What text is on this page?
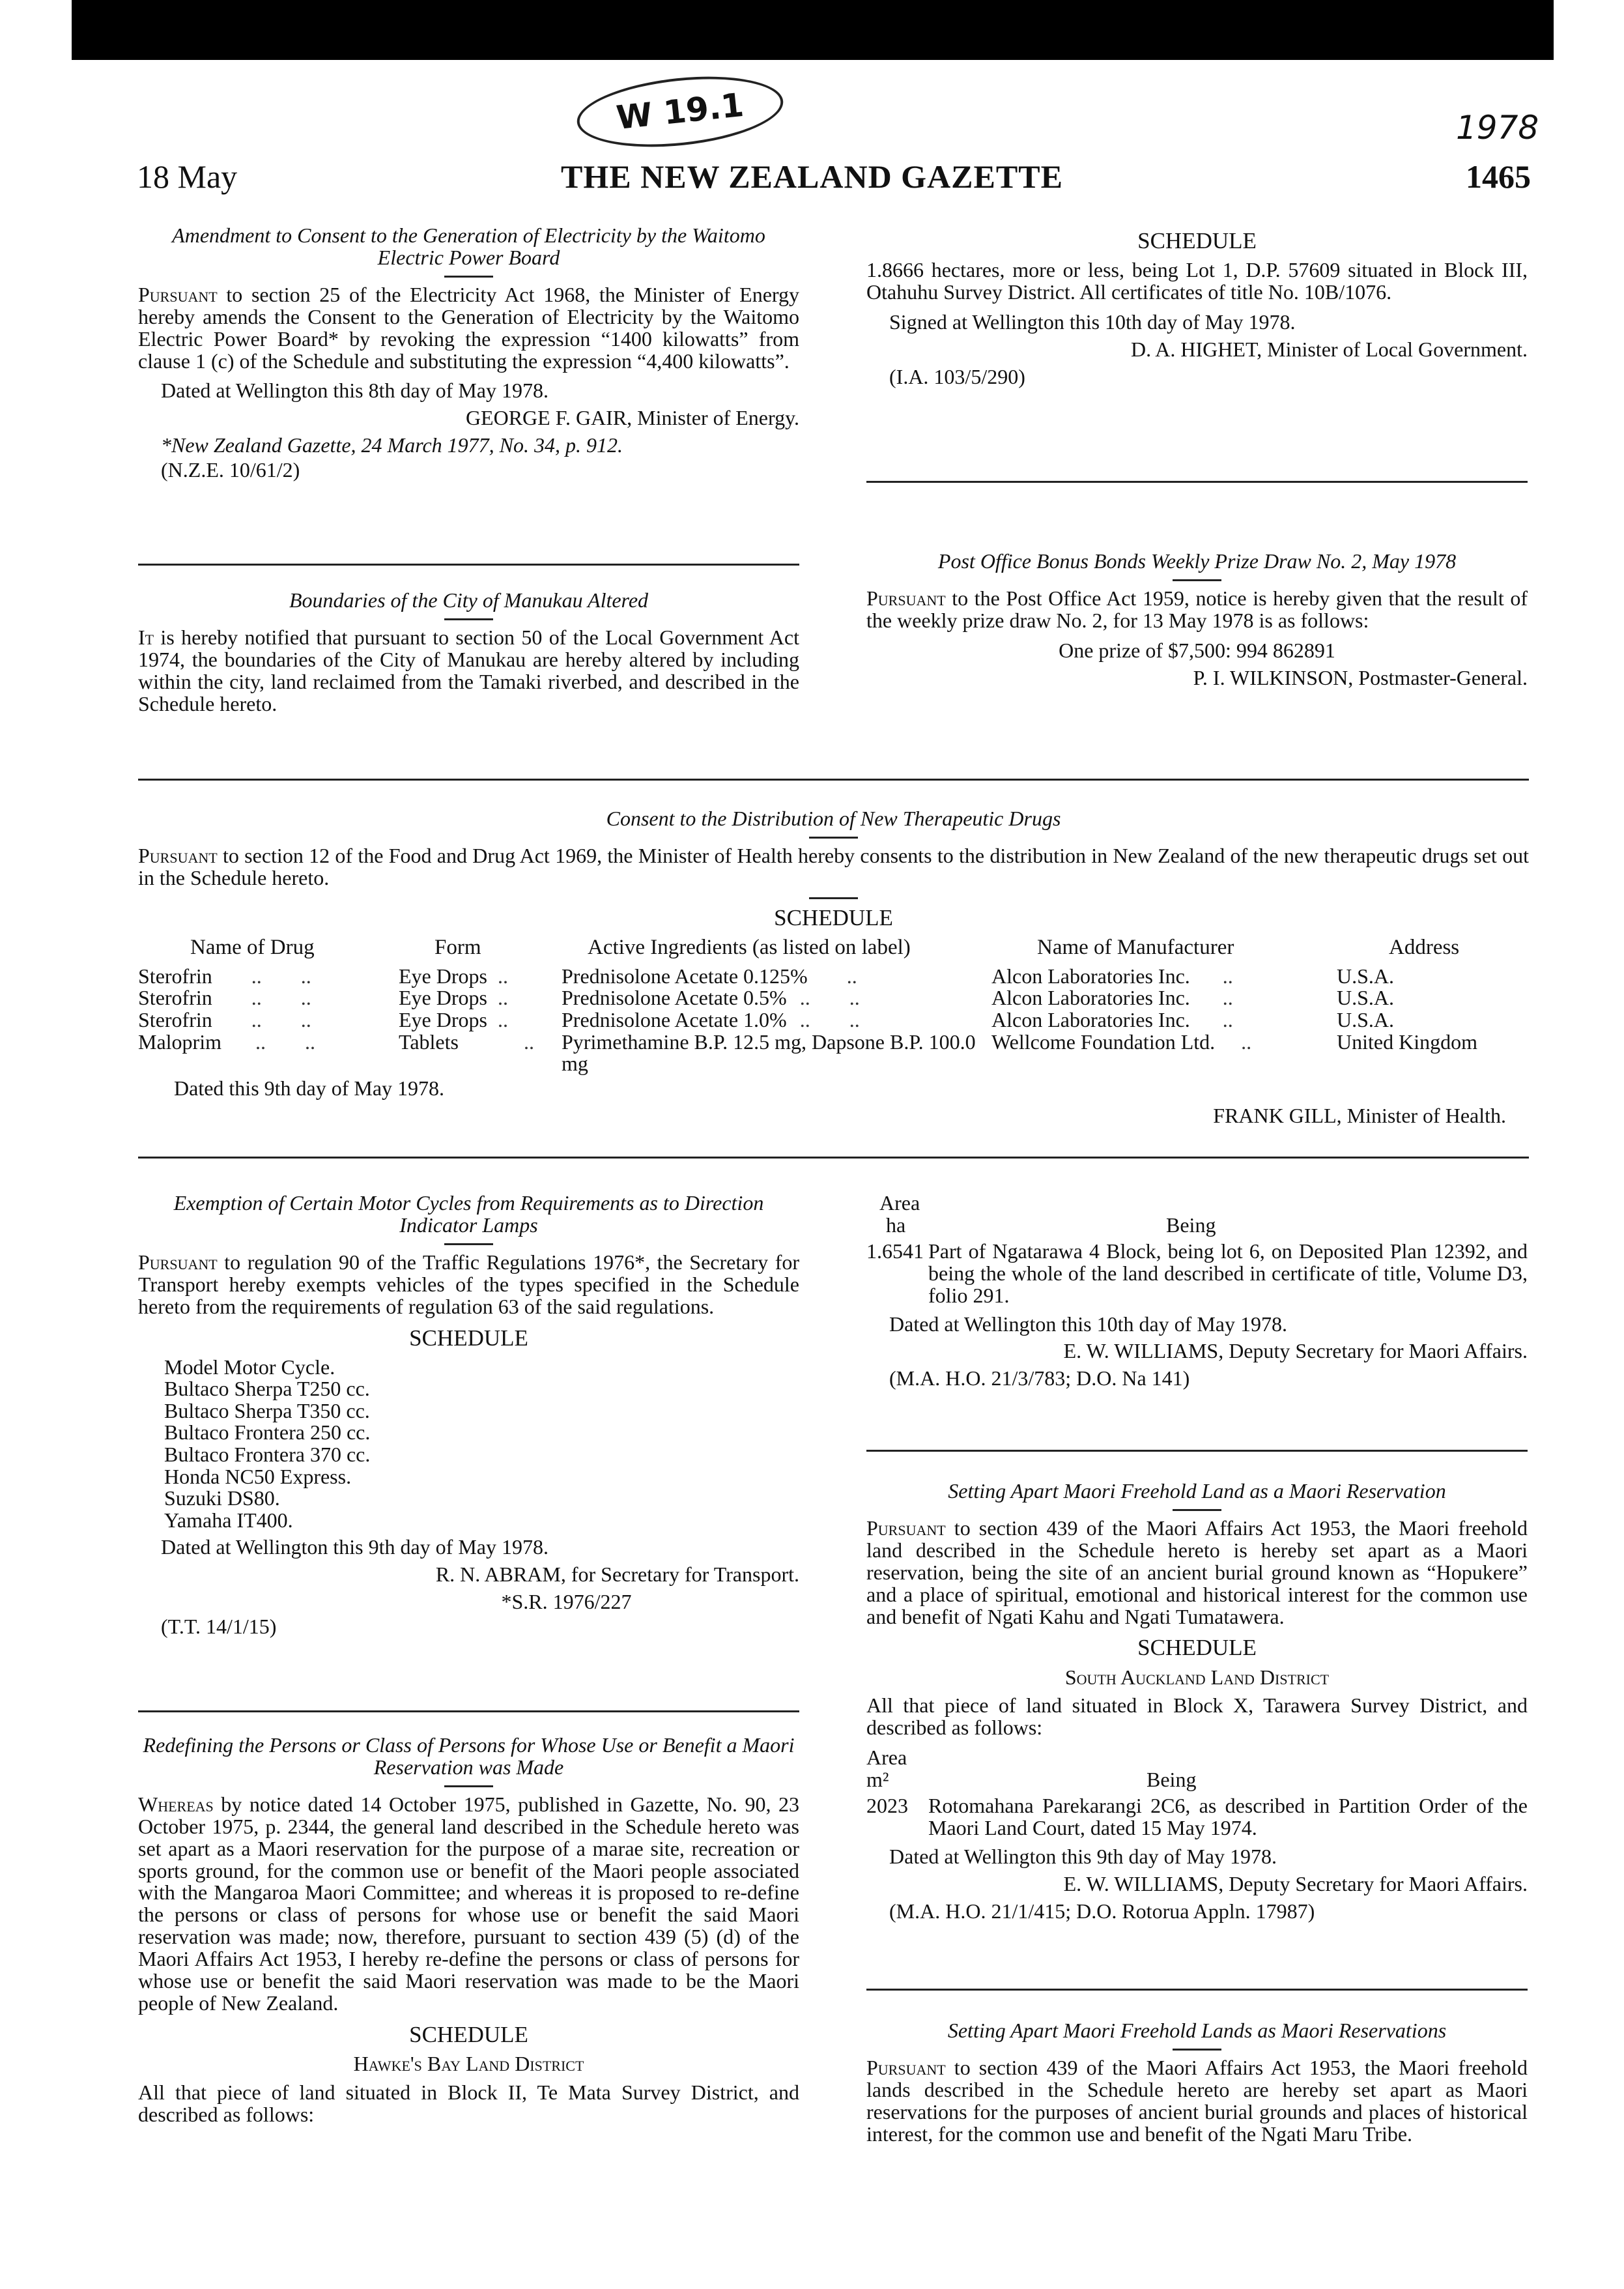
W 19.1	1978
THE NEW ZEALAND GAZETTE
18 May	1465
Amendment to Consent to the Generation of Electricity by the Waitomo Electric Power Board

Pursuant to section 25 of the Electricity Act 1968, the Minister of Energy hereby amends the Consent to the Generation of Electricity by the Waitomo Electric Power Board* by revoking the expression “1400 kilowatts” from clause 1 (c) of the Schedule and substituting the expression “4,400 kilowatts”.

Dated at Wellington this 8th day of May 1978.
GEORGE F. GAIR, Minister of Energy.
*New Zealand Gazette, 24 March 1977, No. 34, p. 912.
(N.Z.E. 10/61/2)
Boundaries of the City of Manukau Altered

It is hereby notified that pursuant to section 50 of the Local Government Act 1974, the boundaries of the City of Manukau are hereby altered by including within the city, land reclaimed from the Tamaki riverbed, and described in the Schedule hereto.

SCHEDULE

1.8666 hectares, more or less, being Lot 1, D.P. 57609 situated in Block III, Otahuhu Survey District. All certificates of title No. 10B/1076.

Signed at Wellington this 10th day of May 1978.
D. A. HIGHET, Minister of Local Government.
(I.A. 103/5/290)
Post Office Bonus Bonds Weekly Prize Draw No. 2, May 1978

Pursuant to the Post Office Act 1959, notice is hereby given that the result of the weekly prize draw No. 2, for 13 May 1978 is as follows:

One prize of $7,500: 994 862891
P. I. WILKINSON, Postmaster-General.
Consent to the Distribution of New Therapeutic Drugs

Pursuant to section 12 of the Food and Drug Act 1969, the Minister of Health hereby consents to the distribution in New Zealand of the new therapeutic drugs set out in the Schedule hereto.

SCHEDULE
Name of Drug	Form	Active Ingredients (as listed on label)	Name of Manufacturer	Address
Sterofrin .. ..	Eye Drops ..	Prednisolone Acetate 0.125% ..	Alcon Laboratories Inc. ..	U.S.A.
Sterofrin .. ..	Eye Drops ..	Prednisolone Acetate 0.5% .. ..	Alcon Laboratories Inc. ..	U.S.A.
Sterofrin .. ..	Eye Drops ..	Prednisolone Acetate 1.0% .. ..	Alcon Laboratories Inc. ..	U.S.A.
Maloprim .. ..	Tablets ..	Pyrimethamine B.P. 12.5 mg, Dapsone B.P. 100.0 mg	Wellcome Foundation Ltd. ..	United Kingdom
Dated this 9th day of May 1978.
FRANK GILL, Minister of Health.
Exemption of Certain Motor Cycles from Requirements as to Direction Indicator Lamps

Pursuant to regulation 90 of the Traffic Regulations 1976*, the Secretary for Transport hereby exempts vehicles of the types specified in the Schedule hereto from the requirements of regulation 63 of the said regulations.

SCHEDULE
Model Motor Cycle.
Bultaco Sherpa T250 cc.
Bultaco Sherpa T350 cc.
Bultaco Frontera 250 cc.
Bultaco Frontera 370 cc.
Honda NC50 Express.
Suzuki DS80.
Yamaha IT400.
Dated at Wellington this 9th day of May 1978.
R. N. ABRAM, for Secretary for Transport.
*S.R. 1976/227
(T.T. 14/1/15)
Redefining the Persons or Class of Persons for Whose Use or Benefit a Maori Reservation was Made

Whereas by notice dated 14 October 1975, published in Gazette, No. 90, 23 October 1975, p. 2344, the general land described in the Schedule hereto was set apart as a Maori reservation for the purpose of a marae site, recreation or sports ground, for the common use or benefit of the Maori people associated with the Mangaroa Maori Committee; and whereas it is proposed to re-define the persons or class of persons for whose use or benefit the said Maori reservation was made; now, therefore, pursuant to section 439 (5) (d) of the Maori Affairs Act 1953, I hereby re-define the persons or class of persons for whose use or benefit the said Maori reservation was made to be the Maori people of New Zealand.

SCHEDULE
Hawke's Bay Land District

All that piece of land situated in Block II, Te Mata Survey District, and described as follows:

Area
ha	Being
1.6541 Part of Ngatarawa 4 Block, being lot 6, on Deposited Plan 12392, and being the whole of the land described in certificate of title, Volume D3, folio 291.
Dated at Wellington this 10th day of May 1978.
E. W. WILLIAMS, Deputy Secretary for Maori Affairs.
(M.A. H.O. 21/3/783; D.O. Na 141)
Setting Apart Maori Freehold Land as a Maori Reservation

Pursuant to section 439 of the Maori Affairs Act 1953, the Maori freehold land described in the Schedule hereto is hereby set apart as a Maori reservation, being the site of an ancient burial ground known as “Hopukere” and a place of spiritual, emotional and historical interest for the common use and benefit of Ngati Kahu and Ngati Tumatawera.

SCHEDULE
South Auckland Land District

All that piece of land situated in Block X, Tarawera Survey District, and described as follows:

Area
m²	Being
2023 Rotomahana Parekarangi 2C6, as described in Partition Order of the Maori Land Court, dated 15 May 1974.
Dated at Wellington this 9th day of May 1978.
E. W. WILLIAMS, Deputy Secretary for Maori Affairs.
(M.A. H.O. 21/1/415; D.O. Rotorua Appln. 17987)
Setting Apart Maori Freehold Lands as Maori Reservations

Pursuant to section 439 of the Maori Affairs Act 1953, the Maori freehold lands described in the Schedule hereto are hereby set apart as Maori reservations for the purposes of ancient burial grounds and places of historical interest, for the common use and benefit of the Ngati Maru Tribe.
